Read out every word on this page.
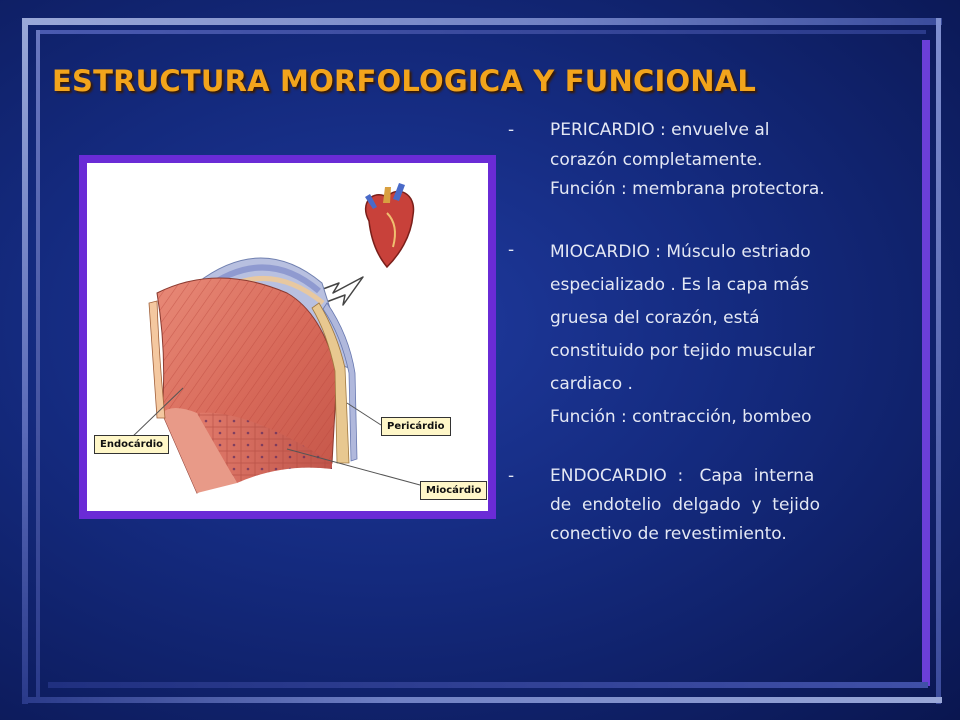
ESTRUCTURA MORFOLOGICA Y FUNCIONAL
Endocárdio
Pericárdio
Miocárdio
- PERICARDIO : envuelve al

corazón completamente.

Función : membrana protectora.

- MIOCARDIO : Músculo estriado

especializado . Es la capa más

gruesa del corazón, está

constituido por tejido muscular

cardiaco .

Función : contracción, bombeo

- ENDOCARDIO  :   Capa  interna
de  endotelio  delgado  y  tejido
conectivo de revestimiento.
